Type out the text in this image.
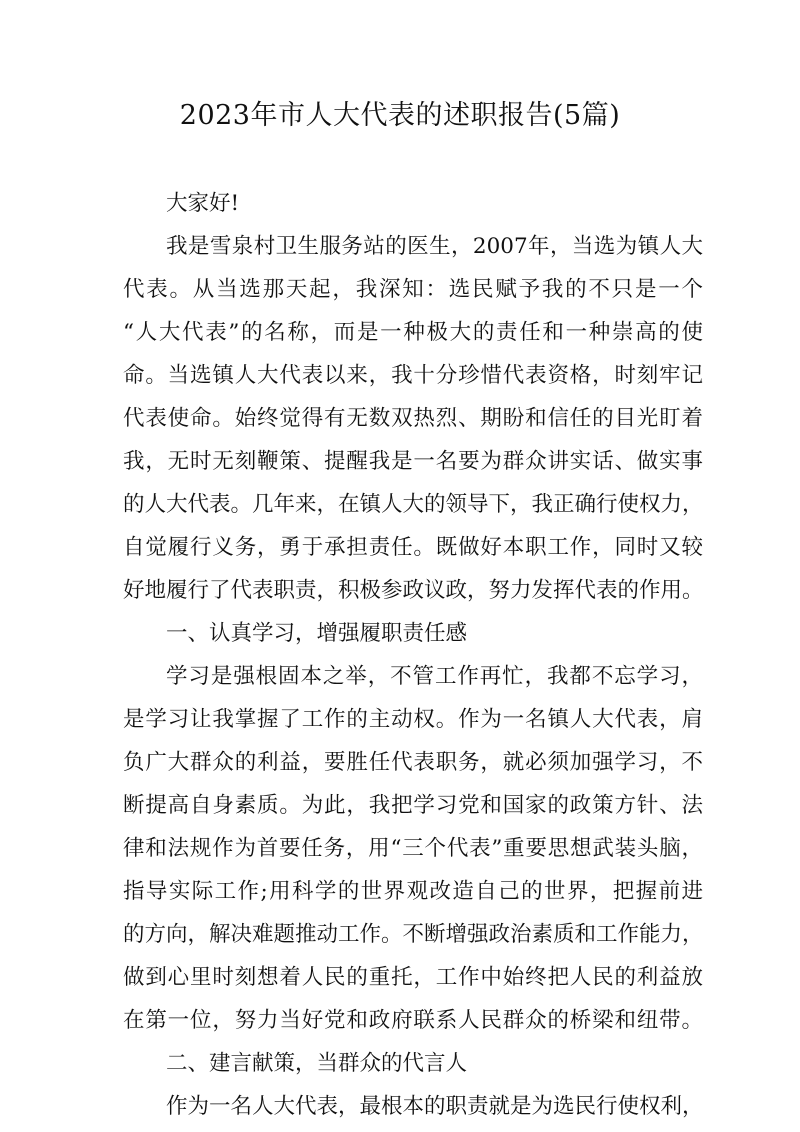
2023年市人大代表的述职报告(5篇)
大家好!
我是雪泉村卫生服务站的医生，2007年，当选为镇人大
代表。从当选那天起，我深知：选民赋予我的不只是一个
“人大代表”的名称，而是一种极大的责任和一种崇高的使
命。当选镇人大代表以来，我十分珍惜代表资格，时刻牢记
代表使命。始终觉得有无数双热烈、期盼和信任的目光盯着
我，无时无刻鞭策、提醒我是一名要为群众讲实话、做实事
的人大代表。几年来，在镇人大的领导下，我正确行使权力，
自觉履行义务，勇于承担责任。既做好本职工作，同时又较
好地履行了代表职责，积极参政议政，努力发挥代表的作用。
一、认真学习，增强履职责任感
学习是强根固本之举，不管工作再忙，我都不忘学习，
是学习让我掌握了工作的主动权。作为一名镇人大代表，肩
负广大群众的利益，要胜任代表职务，就必须加强学习，不
断提高自身素质。为此，我把学习党和国家的政策方针、法
律和法规作为首要任务，用“三个代表”重要思想武装头脑，
指导实际工作;用科学的世界观改造自己的世界，把握前进
的方向，解决难题推动工作。不断增强政治素质和工作能力，
做到心里时刻想着人民的重托，工作中始终把人民的利益放
在第一位，努力当好党和政府联系人民群众的桥梁和纽带。
二、建言献策，当群众的代言人
作为一名人大代表，最根本的职责就是为选民行使权利，
